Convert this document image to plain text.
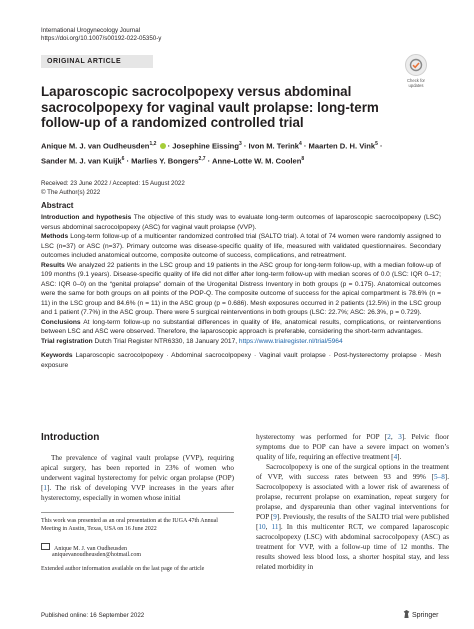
International Urogynecology Journal
https://doi.org/10.1007/s00192-022-05350-y
ORIGINAL ARTICLE
Check for
updates
Laparoscopic sacrocolpopexy versus abdominal sacrocolpopexy for vaginal vault prolapse: long-term follow-up of a randomized controlled trial
Anique M. J. van Oudheusden$^{1,2}$  · Josephine Eissing$^3$ · Ivon M. Terink$^4$ · Maarten D. H. Vink$^5$ ·
Sander M. J. van Kuijk$^6$ · Marlies Y. Bongers$^{2,7}$ · Anne-Lotte W. M. Coolen$^8$
Received: 23 June 2022 / Accepted: 15 August 2022
© The Author(s) 2022
Abstract

Introduction and hypothesis The objective of this study was to evaluate long-term outcomes of laparoscopic sacrocolpopexy (LSC) versus abdominal sacrocolpopexy (ASC) for vaginal vault prolapse (VVP).

Methods Long-term follow-up of a multicenter randomized controlled trial (SALTO trial). A total of 74 women were randomly assigned to LSC (n=37) or ASC (n=37). Primary outcome was disease-specific quality of life, measured with validated questionnaires. Secondary outcomes included anatomical outcome, composite outcome of success, complications, and retreatment.

Results We analyzed 22 patients in the LSC group and 19 patients in the ASC group for long-term follow-up, with a median follow-up of 109 months (9.1 years). Disease-specific quality of life did not differ after long-term follow-up with median scores of 0.0 (LSC: IQR 0–17; ASC: IQR 0–0) on the “genital prolapse” domain of the Urogenital Distress Inventory in both groups (p = 0.175). Anatomical outcomes were the same for both groups on all points of the POP-Q. The composite outcome of success for the apical compartment is 78.6% (n = 11) in the LSC group and 84.6% (n = 11) in the ASC group (p = 0.686). Mesh exposures occurred in 2 patients (12.5%) in the LSC group and 1 patient (7.7%) in the ASC group. There were 5 surgical reinterventions in both groups (LSC: 22.7%; ASC: 26.3%, p = 0.729).

Conclusions At long-term follow-up no substantial differences in quality of life, anatomical results, complications, or reinterventions between LSC and ASC were observed. Therefore, the laparoscopic approach is preferable, considering the short-term advantages.

Trial registration Dutch Trial Register NTR6330, 18 January 2017, https://www.trialregister.nl/trial/5964

Keywords Laparoscopic sacrocolpopexy · Abdominal sacrocolpopexy · Vaginal vault prolapse · Post-hysterectomy prolapse · Mesh exposure

Introduction

The prevalence of vaginal vault prolapse (VVP), requiring apical surgery, has been reported in 23% of women who underwent vaginal hysterectomy for pelvic organ prolapse (POP) [1]. The risk of developing VVP increases in the years after hysterectomy, especially in women whose initial

hysterectomy was performed for POP [2, 3]. Pelvic floor symptoms due to POP can have a severe impact on women’s quality of life, requiring an effective treatment [4].

Sacrocolpopexy is one of the surgical options in the treatment of VVP, with success rates between 93 and 99% [5–8]. Sacrocolpopexy is associated with a lower risk of awareness of prolapse, recurrent prolapse on examination, repeat surgery for prolapse, and dyspareunia than other vaginal interventions for POP [9]. Previously, the results of the SALTO trial were published [10, 11]. In this multicenter RCT, we compared laparoscopic sacrocolpopexy (LSC) with abdominal sacrocolpopexy (ASC) as treatment for VVP, with a follow-up time of 12 months. The results showed less blood loss, a shorter hospital stay, and less related morbidity in

This work was presented as an oral presentation at the IUGA 47th Annual Meeting in Austin, Texas, USA on 16 June 2022
Anique M. J. van Oudheusden
aniquevanoudheusden@hotmail.com
Extended author information available on the last page of the article
Published online: 16 September 2022	Springer
